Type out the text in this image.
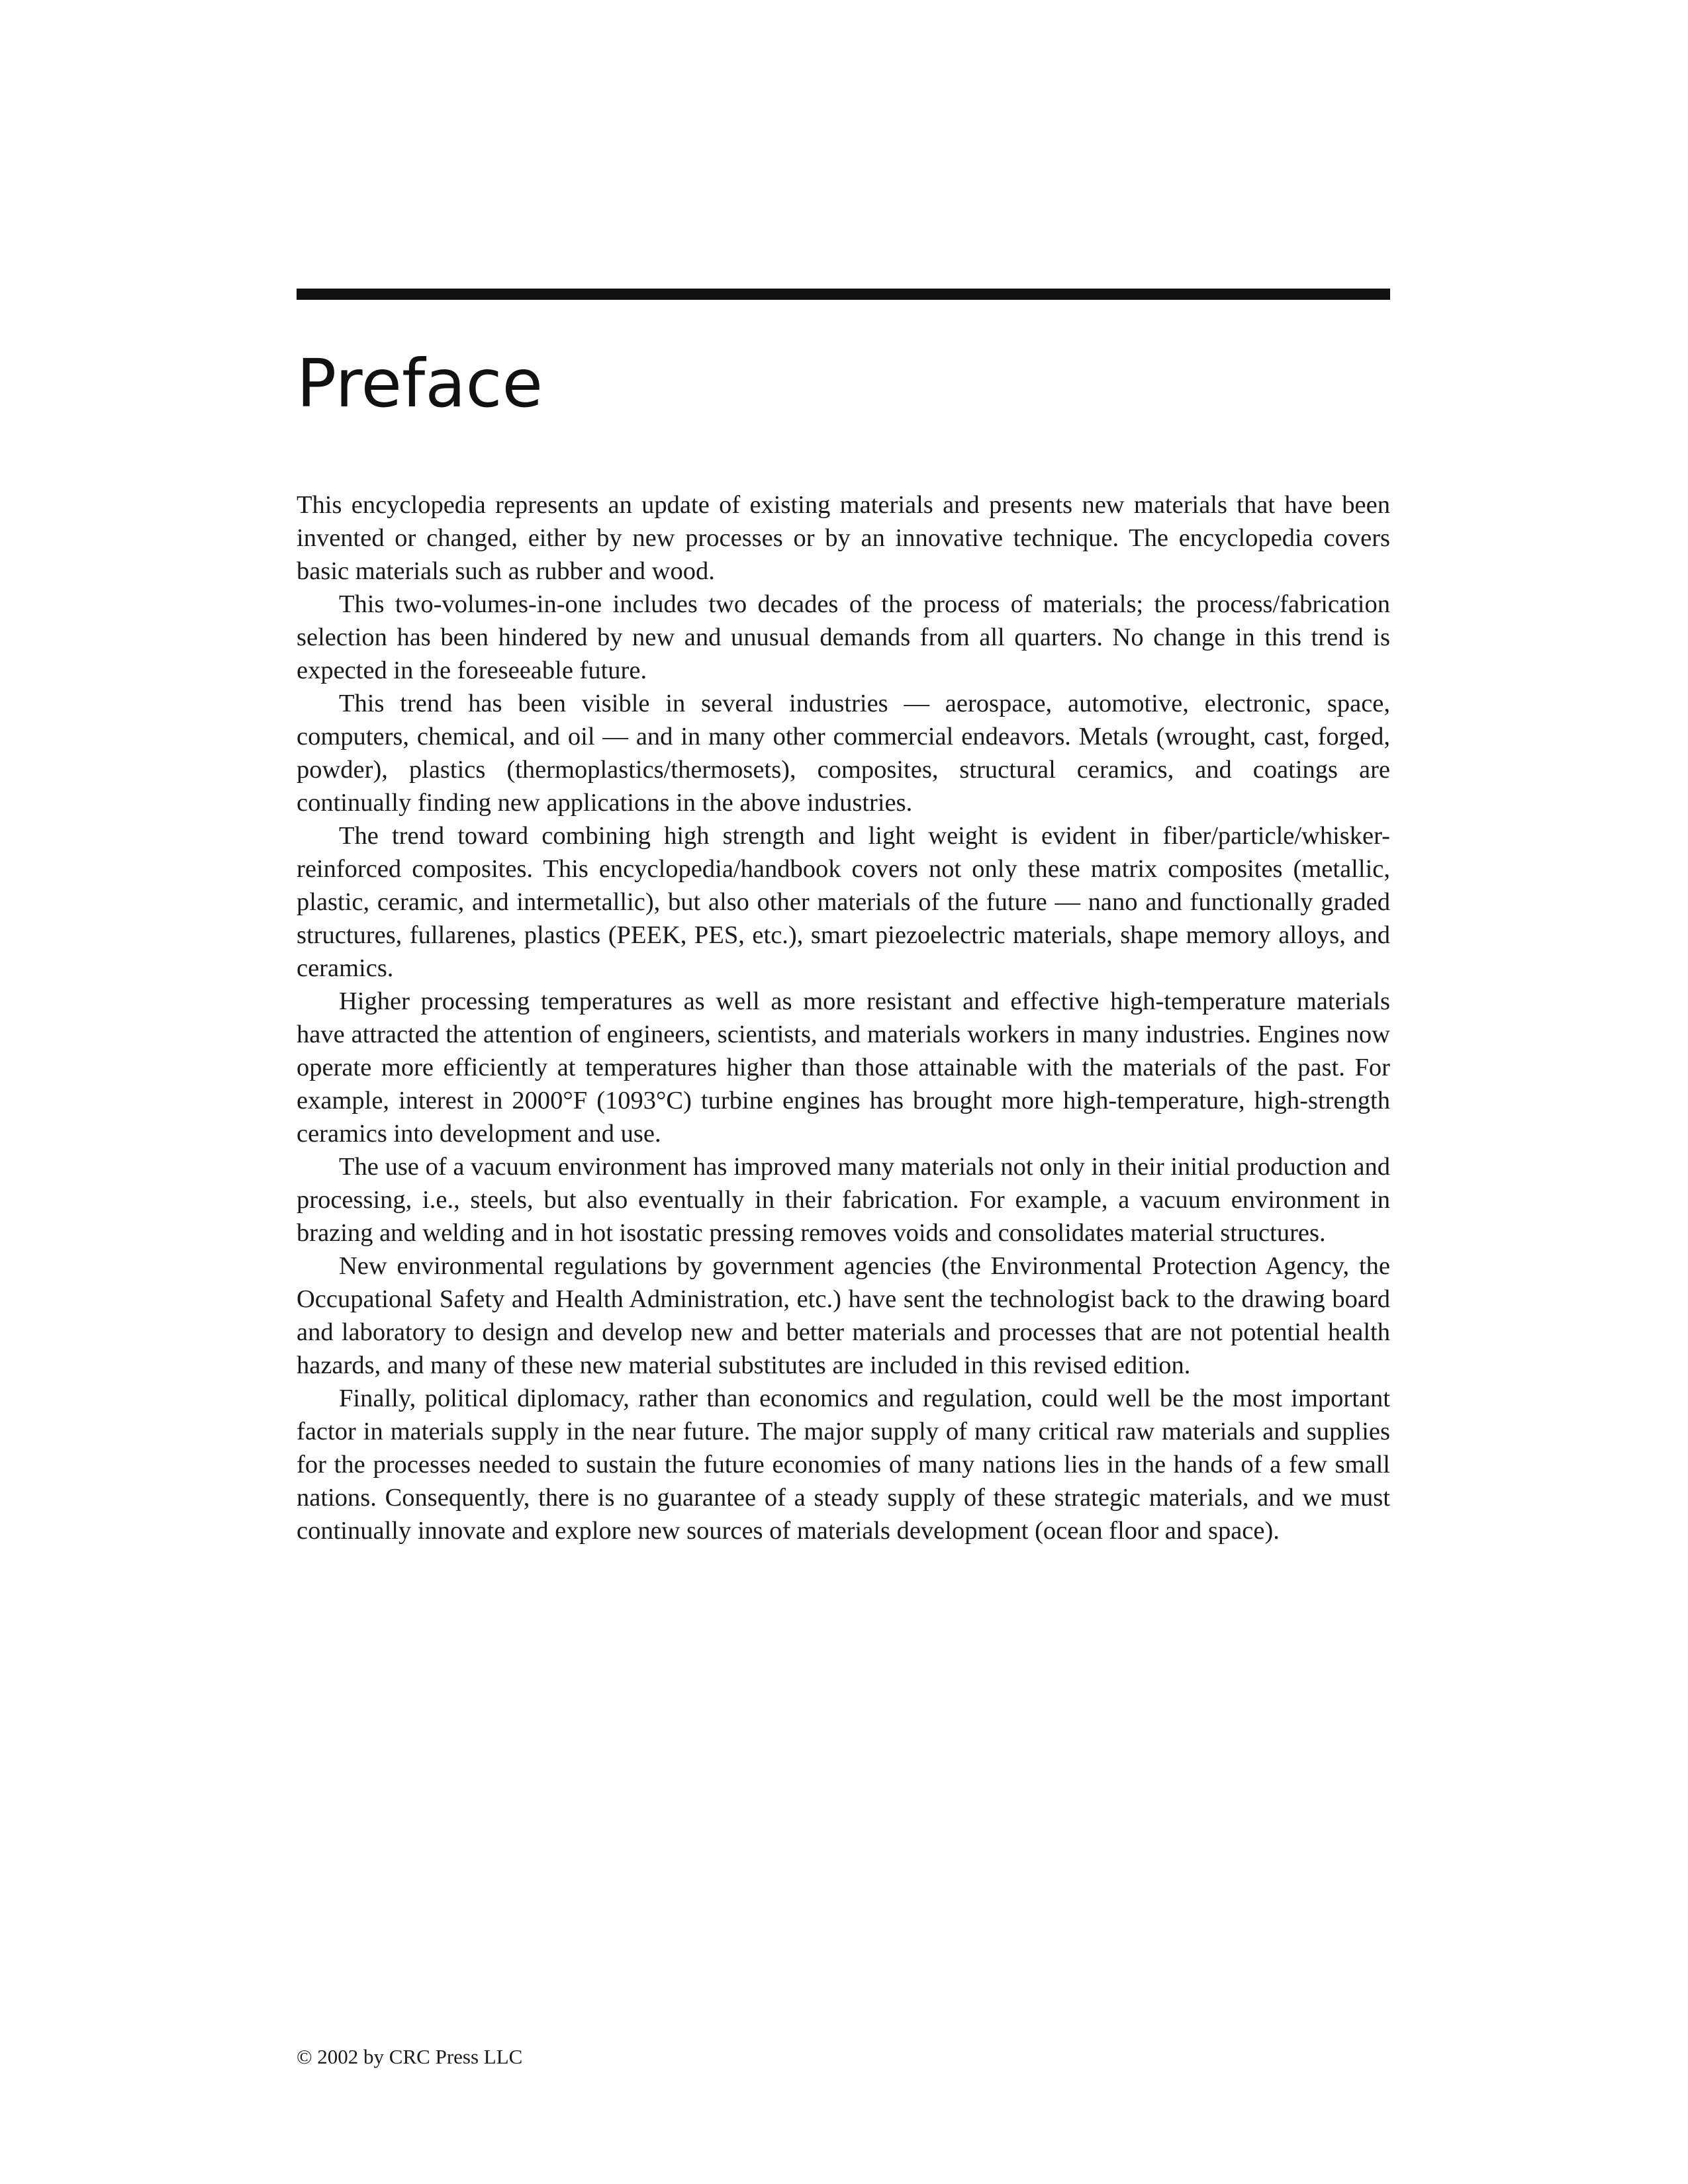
Preface

This encyclopedia represents an update of existing materials and presents new materials that have been invented or changed, either by new processes or by an innovative technique. The encyclopedia covers basic materials such as rubber and wood.

This two-volumes-in-one includes two decades of the process of materials; the process/fabrication selection has been hindered by new and unusual demands from all quarters. No change in this trend is expected in the foreseeable future.

This trend has been visible in several industries — aerospace, automotive, electronic, space, computers, chemical, and oil — and in many other commercial endeavors. Metals (wrought, cast, forged, powder), plastics (thermoplastics/thermosets), composites, structural ceramics, and coatings are continually finding new applications in the above industries.

The trend toward combining high strength and light weight is evident in fiber/particle/whisker-reinforced composites. This encyclopedia/handbook covers not only these matrix composites (metallic, plastic, ceramic, and intermetallic), but also other materials of the future — nano and functionally graded structures, fullarenes, plastics (PEEK, PES, etc.), smart piezoelectric materials, shape memory alloys, and ceramics.

Higher processing temperatures as well as more resistant and effective high-temperature materials have attracted the attention of engineers, scientists, and materials workers in many industries. Engines now operate more efficiently at temperatures higher than those attainable with the materials of the past. For example, interest in 2000°F (1093°C) turbine engines has brought more high-temperature, high-strength ceramics into development and use.

The use of a vacuum environment has improved many materials not only in their initial production and processing, i.e., steels, but also eventually in their fabrication. For example, a vacuum environment in brazing and welding and in hot isostatic pressing removes voids and consolidates material structures.

New environmental regulations by government agencies (the Environmental Protection Agency, the Occupational Safety and Health Administration, etc.) have sent the technologist back to the drawing board and laboratory to design and develop new and better materials and processes that are not potential health hazards, and many of these new material substitutes are included in this revised edition.

Finally, political diplomacy, rather than economics and regulation, could well be the most important factor in materials supply in the near future. The major supply of many critical raw materials and supplies for the processes needed to sustain the future economies of many nations lies in the hands of a few small nations. Consequently, there is no guarantee of a steady supply of these strategic materials, and we must continually innovate and explore new sources of materials development (ocean floor and space).

© 2002 by CRC Press LLC
